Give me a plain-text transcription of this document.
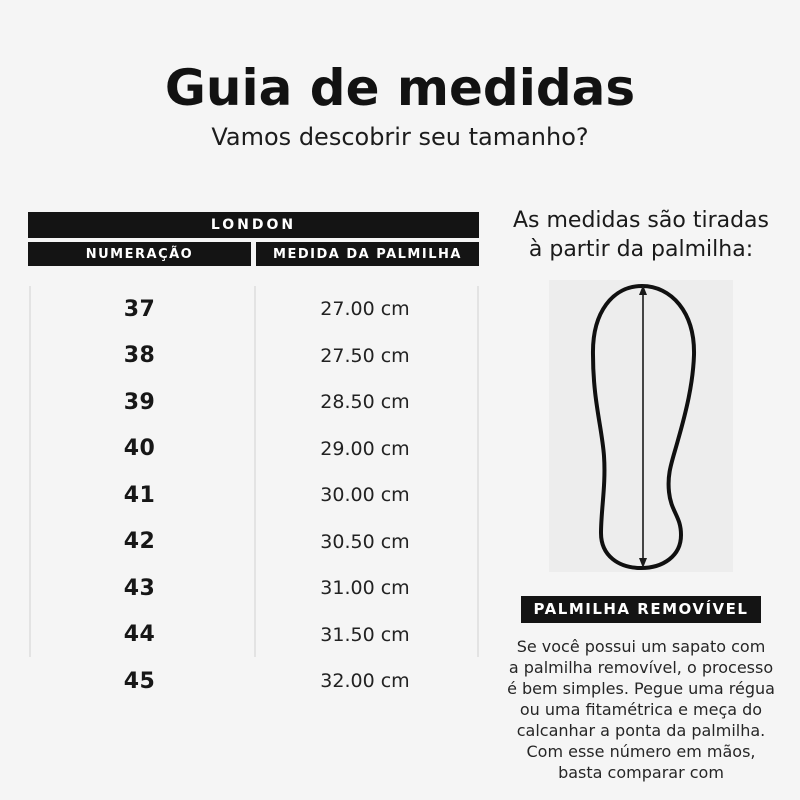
Guia de medidas
Vamos descobrir seu tamanho?
LONDON
NUMERAÇÃO	MEDIDA DA PALMILHA
37	27.00 cm
38	27.50 cm
39	28.50 cm
40	29.00 cm
41	30.00 cm
42	30.50 cm
43	31.00 cm
44	31.50 cm
45	32.00 cm
As medidas são tiradas
à partir da palmilha:
PALMILHA REMOVÍVEL
Se você possui um sapato com
a palmilha removível, o processo
é bem simples. Pegue uma régua
ou uma fitamétrica e meça do
calcanhar a ponta da palmilha.
Com esse número em mãos,
basta comparar com
